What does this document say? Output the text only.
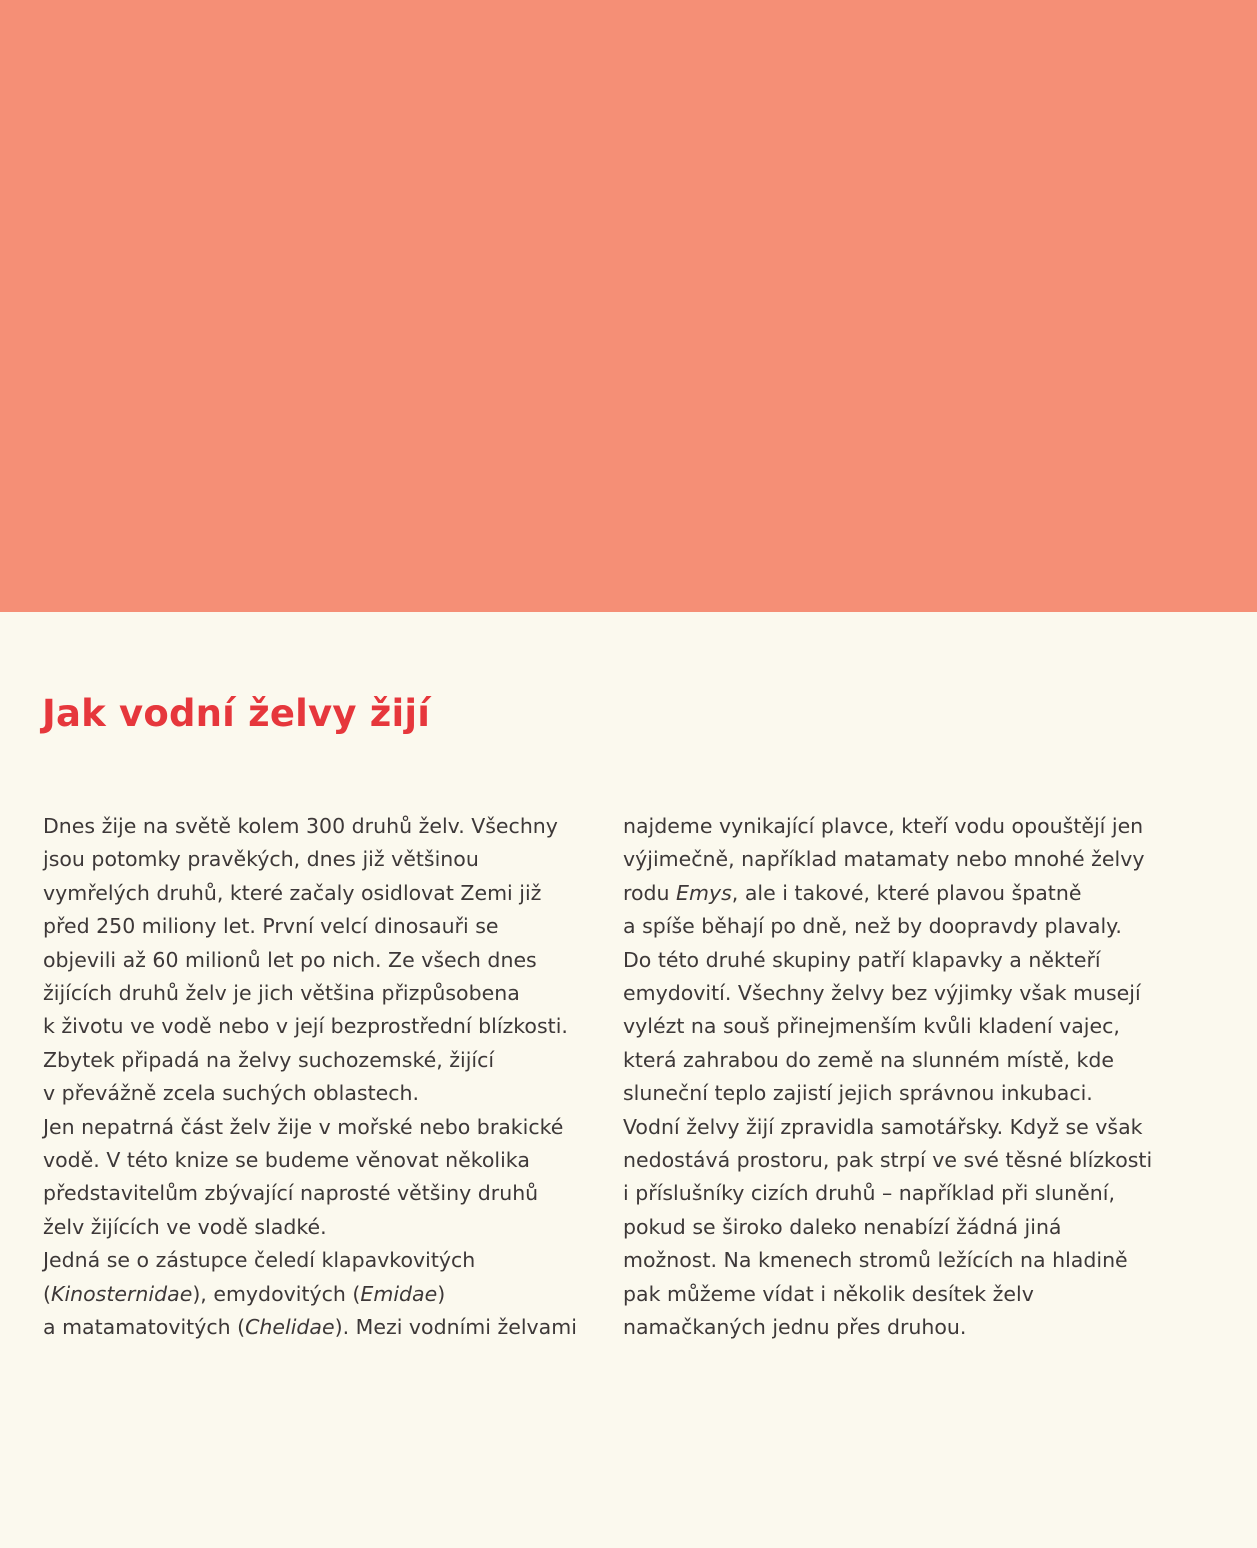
Jak vodní želvy žijí
Dnes žije na světě kolem 300 druhů želv. Všechny
jsou potomky pravěkých, dnes již většinou
vymřelých druhů, které začaly osidlovat Zemi již
před 250 miliony let. První velcí dinosauři se
objevili až 60 milionů let po nich. Ze všech dnes
žijících druhů želv je jich většina přizpůsobena
k životu ve vodě nebo v její bezprostřední blízkosti.
Zbytek připadá na želvy suchozemské, žijící
v převážně zcela suchých oblastech.
Jen nepatrná část želv žije v mořské nebo brakické
vodě. V této knize se budeme věnovat několika
představitelům zbývající naprosté většiny druhů
želv žijících ve vodě sladké.
Jedná se o zástupce čeledí klapavkovitých
(Kinosternidae), emydovitých (Emidae)
a matamatovitých (Chelidae). Mezi vodními želvami
najdeme vynikající plavce, kteří vodu opouštějí jen
výjimečně, například matamaty nebo mnohé želvy
rodu Emys, ale i takové, které plavou špatně
a spíše běhají po dně, než by doopravdy plavaly.
Do této druhé skupiny patří klapavky a někteří
emydovití. Všechny želvy bez výjimky však musejí
vylézt na souš přinejmenším kvůli kladení vajec,
která zahrabou do země na slunném místě, kde
sluneční teplo zajistí jejich správnou inkubaci.
Vodní želvy žijí zpravidla samotářsky. Když se však
nedostává prostoru, pak strpí ve své těsné blízkosti
i příslušníky cizích druhů – například při slunění,
pokud se široko daleko nenabízí žádná jiná
možnost. Na kmenech stromů ležících na hladině
pak můžeme vídat i několik desítek želv
namačkaných jednu přes druhou.
